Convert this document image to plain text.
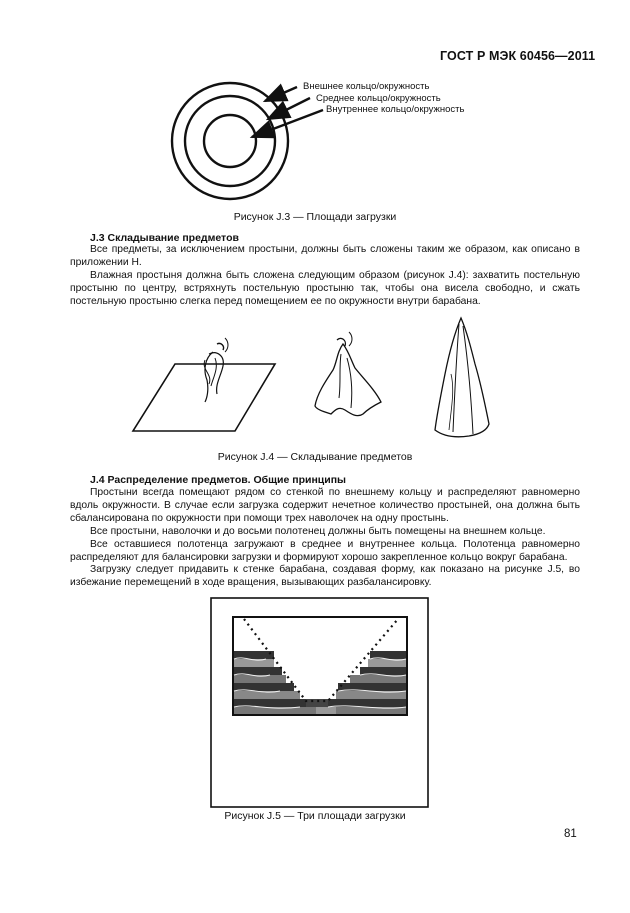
ГОСТ Р МЭК 60456—2011
Внешнее кольцо/окружность
Среднее кольцо/окружность
Внутреннее кольцо/окружность
Рисунок J.3 — Площади загрузки
J.3 Складывание предметов

Все предметы, за исключением простыни, должны быть сложены таким же образом, как описано в приложении Н.

Влажная простыня должна быть сложена следующим образом (рисунок J.4): захватить постельную простыню по центру, встряхнуть постельную простыню так, чтобы она висела свободно, и сжать постельную простыню слегка перед помещением ее по окружности внутри барабана.

Рисунок J.4 — Складывание предметов
J.4 Распределение предметов. Общие принципы

Простыни всегда помещают рядом со стенкой по внешнему кольцу и распределяют равномерно вдоль окружности. В случае если загрузка содержит нечетное количество простыней, она должна быть сбалансирована по окружности при помощи трех наволочек на одну простынь.

Все простыни, наволочки и до восьми полотенец должны быть помещены на внешнем кольце.

Все оставшиеся полотенца загружают в среднее и внутреннее кольца. Полотенца равномерно распределяют для балансировки загрузки и формируют хорошо закрепленное кольцо вокруг барабана.

Загрузку следует придавить к стенке барабана, создавая форму, как показано на рисунке J.5, во избежание перемещений в ходе вращения, вызывающих разбалансировку.

Рисунок J.5 — Три площади загрузки
81
